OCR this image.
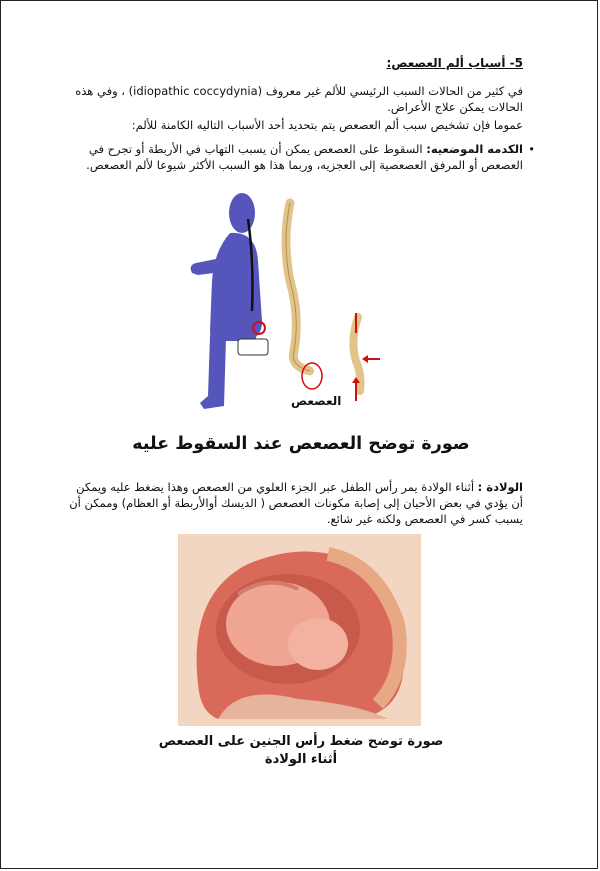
5- أسباب ألم العصعص:
في كثير من الحالات السبب الرئيسي للألم غير معروف (idiopathic coccydynia) ، وفي هذه الحالات يمكن علاج الأعراض.
عموما فإن تشخيص سبب ألم العصعص يتم بتحديد أحد الأسباب التاليه الكامنة للألم:
• الكدمه الموضعيه: السقوط على العصعص يمكن أن يسبب التهاب في الأربطة أو تجرح في العصعص أو المرفق العصعصية إلى العجزيه، وربما هذا هو السبب الأكثر شيوعا لألم العصعص.
العصعص
صورة توضح العصعص عند السقوط عليه
الولادة : أثناء الولادة يمر رأس الطفل عبر الجزء العلوي من العصعص وهذا يضغط عليه ويمكن أن يؤدي في بعض الأحيان إلى إصابة مكونات العصعص ( الديسك أوالأربطة أو العظام) وممكن أن يسبب كسر في العصعص ولكنه غير شائع.
صورة توضح ضغط رأس الجنين على العصعص
أثناء الولادة
